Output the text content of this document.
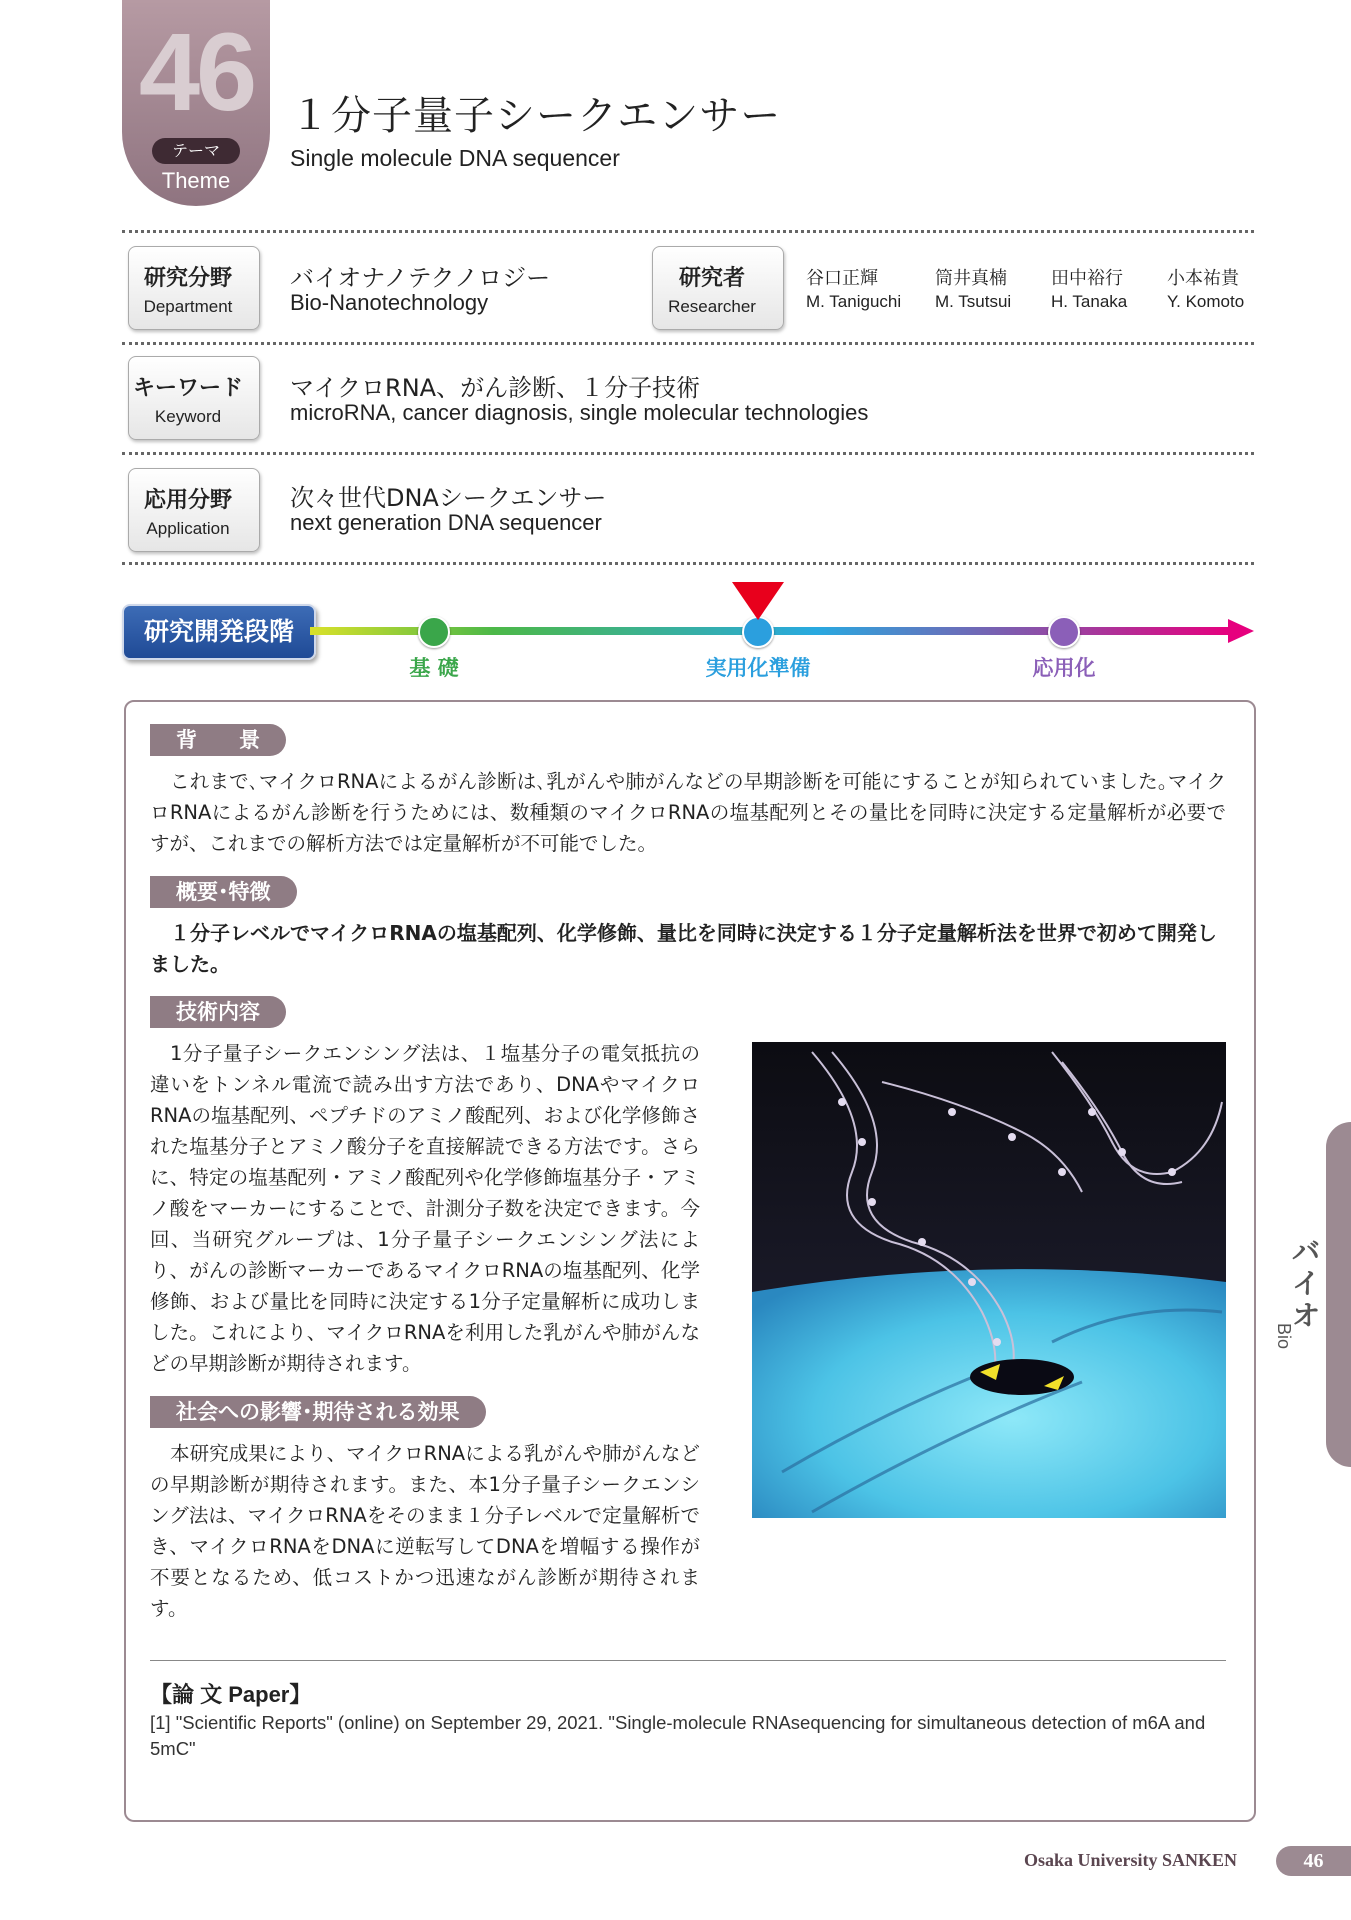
46
テーマ
Theme
１分子量子シークエンサー
Single molecule DNA sequencer
研究分野
Department
バイオナノテクノロジー
Bio-Nanotechnology
研究者
Researcher
谷口正輝
M. Taniguchi
筒井真楠
M. Tsutsui
田中裕行
H. Tanaka
小本祐貴
Y. Komoto
キーワード
Keyword
マイクロRNA、がん診断、１分子技術
microRNA, cancer diagnosis, single molecular technologies
応用分野
Application
次々世代DNAシークエンサー
next generation DNA sequencer
研究開発段階
基 礎	実用化準備	応用化
背　　景
これまで､マイクロRNAによるがん診断は､乳がんや肺がんなどの早期診断を可能にすることが知られていました｡マイクロRNAによるがん診断を行うためには、数種類のマイクロRNAの塩基配列とその量比を同時に決定する定量解析が必要ですが、これまでの解析方法では定量解析が不可能でした｡
概要･特徴
１分子レベルでマイクロRNAの塩基配列、化学修飾、量比を同時に決定する１分子定量解析法を世界で初めて開発しました｡
技術内容
1分子量子シークエンシング法は、１塩基分子の電気抵抗の違いをトンネル電流で読み出す方法であり、DNAやマイクロRNAの塩基配列、ペプチドのアミノ酸配列、および化学修飾された塩基分子とアミノ酸分子を直接解読できる方法です。さらに、特定の塩基配列・アミノ酸配列や化学修飾塩基分子・アミノ酸をマーカーにすることで、計測分子数を決定できます。今回、当研究グループは、1分子量子シークエンシング法により、がんの診断マーカーであるマイクロRNAの塩基配列、化学修飾、および量比を同時に決定する1分子定量解析に成功しました。これにより、マイクロRNAを利用した乳がんや肺がんなどの早期診断が期待されます。
社会への影響･期待される効果
本研究成果により、マイクロRNAによる乳がんや肺がんなどの早期診断が期待されます。また、本1分子量子シークエンシング法は、マイクロRNAをそのまま１分子レベルで定量解析でき、マイクロRNAをDNAに逆転写してDNAを増幅する操作が不要となるため、低コストかつ迅速ながん診断が期待されます。
【論 文 Paper】
[1] "Scientific Reports" (online) on September 29, 2021. "Single-molecule RNAsequencing for simultaneous detection of m6A and 5mC"
バイオ
Bio
Osaka University SANKEN	46
